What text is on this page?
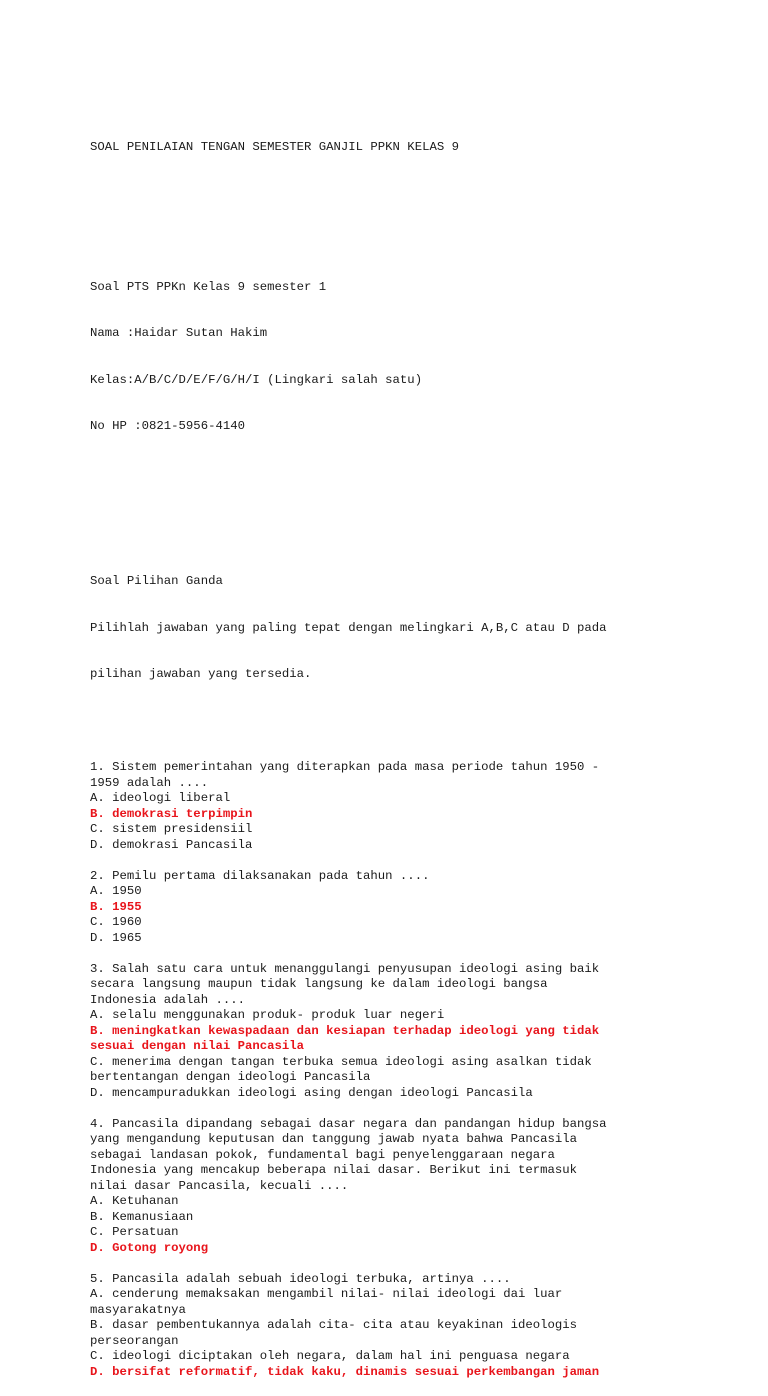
SOAL PENILAIAN TENGAN SEMESTER GANJIL PPKN KELAS 9

Soal PTS PPKn Kelas 9 semester 1

Nama :Haidar Sutan Hakim

Kelas:A/B/C/D/E/F/G/H/I (Lingkari salah satu)

No HP :0821-5956-4140

Soal Pilihan Ganda

Pilihlah jawaban yang paling tepat dengan melingkari A,B,C atau D pada

pilihan jawaban yang tersedia.

1. Sistem pemerintahan yang diterapkan pada masa periode tahun 1950 -
1959 adalah ....
A. ideologi liberal
B. demokrasi terpimpin
C. sistem presidensiil
D. demokrasi Pancasila
2. Pemilu pertama dilaksanakan pada tahun ....
A. 1950
B. 1955
C. 1960
D. 1965
3. Salah satu cara untuk menanggulangi penyusupan ideologi asing baik
secara langsung maupun tidak langsung ke dalam ideologi bangsa
Indonesia adalah ....
A. selalu menggunakan produk- produk luar negeri
B. meningkatkan kewaspadaan dan kesiapan terhadap ideologi yang tidak
sesuai dengan nilai Pancasila
C. menerima dengan tangan terbuka semua ideologi asing asalkan tidak
bertentangan dengan ideologi Pancasila
D. mencampuradukkan ideologi asing dengan ideologi Pancasila
4. Pancasila dipandang sebagai dasar negara dan pandangan hidup bangsa
yang mengandung keputusan dan tanggung jawab nyata bahwa Pancasila
sebagai landasan pokok, fundamental bagi penyelenggaraan negara
Indonesia yang mencakup beberapa nilai dasar. Berikut ini termasuk
nilai dasar Pancasila, kecuali ....
A. Ketuhanan
B. Kemanusiaan
C. Persatuan
D. Gotong royong
5. Pancasila adalah sebuah ideologi terbuka, artinya ....
A. cenderung memaksakan mengambil nilai- nilai ideologi dai luar
masyarakatnya
B. dasar pembentukannya adalah cita- cita atau keyakinan ideologis
perseorangan
C. ideologi diciptakan oleh negara, dalam hal ini penguasa negara
D. bersifat reformatif, tidak kaku, dinamis sesuai perkembangan jaman
